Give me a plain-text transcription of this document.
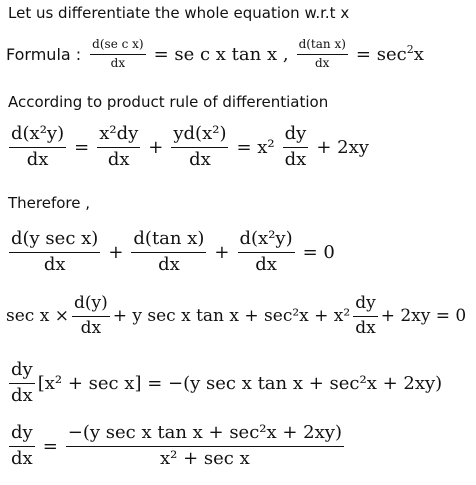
Let us differentiate the whole equation w.r.t x
Formula : $\frac{\text{d(se c x)}}{dx}$ = se c x tan x , $\frac{\text{d(tan x)}}{dx} = \sec^2x$
According to product rule of differentiation
$\frac{\text{d(x²y)}}{dx} = \frac{\text{x²dy}}{dx} + \frac{\text{yd(x²)}}{dx} = x^2 \frac{dy}{dx} + 2xy$
Therefore ,
$\frac{\text{d(y sec x)}}{dx} + \frac{\text{d(tan x)}}{dx} + \frac{\text{d(x²y)}}{dx} = 0$
$\sec x \times \frac{d(y)}{dx} + y$ sec x $\tan x + \sec^2x + x^2 \frac{dy}{dx} + 2xy = 0$
$\frac{dy}{dx} [x^2 + \sec x] = -(y$ sec x tan x + sec²x + 2xy)
$\frac{dy}{dx} = \frac{\text{−(y sec x tan x + sec²x + 2xy)}}{\text{x² + sec x}}$
